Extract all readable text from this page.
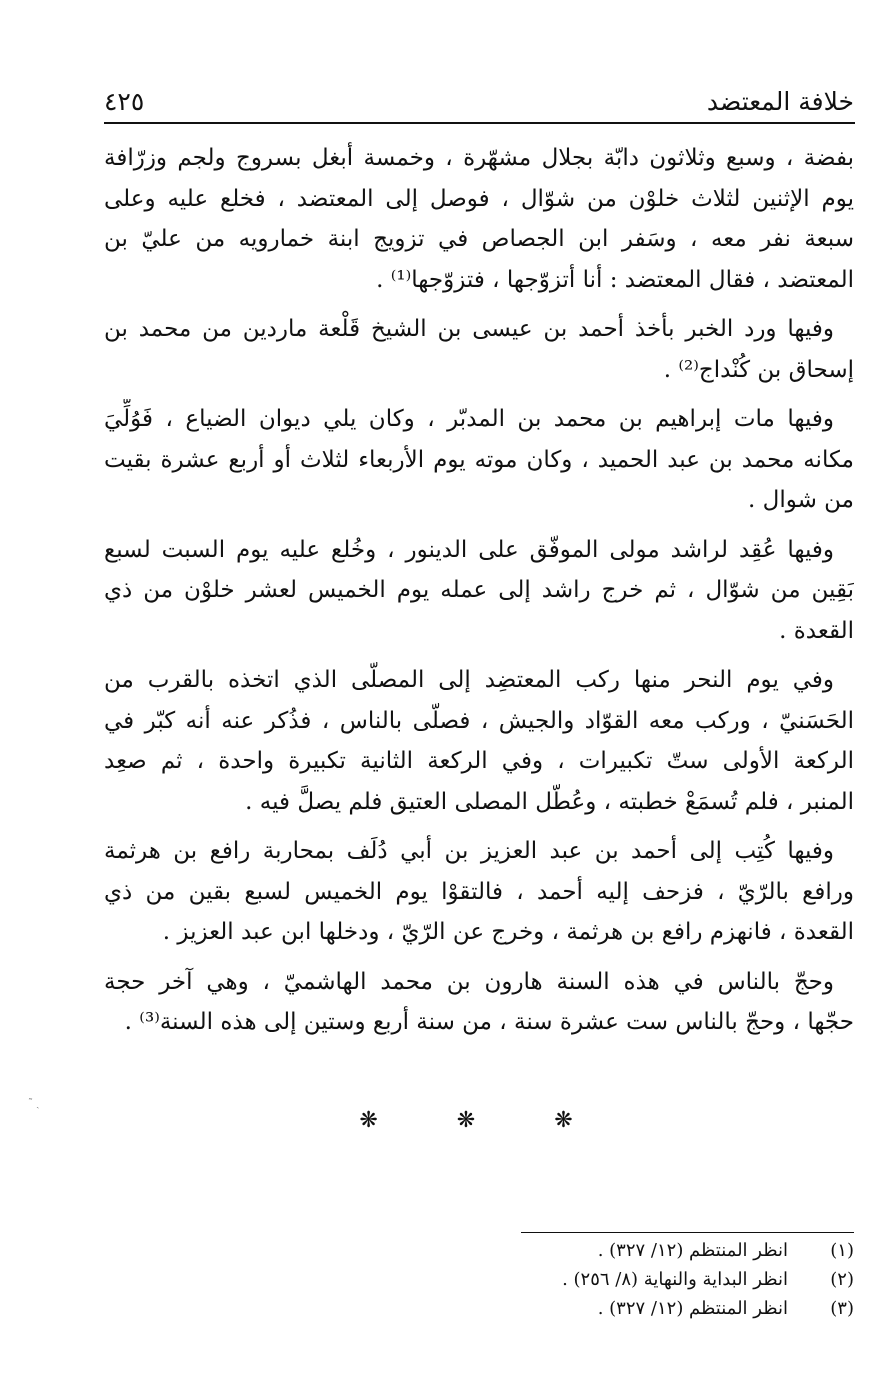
خلافة المعتضد
٤٢٥
بفضة ، وسبع وثلاثون دابّة بجلال مشهّرة ، وخمسة أبغل بسروج ولجم وزرّافة
يوم الإثنين لثلاث خلوْن من شوّال ، فوصل إلى المعتضد ، فخلع عليه وعلى
سبعة نفر معه ، وسَفر ابن الجصاص في تزويج ابنة خمارويه من عليّ بن
المعتضد ، فقال المعتضد : أنا أتزوّجها ، فتزوّجها⁽¹⁾ .
وفيها ورد الخبر بأخذ أحمد بن عيسى بن الشيخ قَلْعة ماردين من محمد بن
إسحاق بن كُنْداج⁽²⁾ .
وفيها مات إبراهيم بن محمد بن المدبّر ، وكان يلي ديوان الضياع ، فَوُلِّيَ
مكانه محمد بن عبد الحميد ، وكان موته يوم الأربعاء لثلاث أو أربع عشرة بقيت
من شوال .
وفيها عُقِد لراشد مولى الموفّق على الدينور ، وخُلع عليه يوم السبت لسبع
بَقِين من شوّال ، ثم خرج راشد إلى عمله يوم الخميس لعشر خلوْن من ذي
القعدة .
وفي يوم النحر منها ركب المعتضِد إلى المصلّى الذي اتخذه بالقرب من
الحَسَنيّ ، وركب معه القوّاد والجيش ، فصلّى بالناس ، فذُكر عنه أنه كبّر في
الركعة الأولى ستّ تكبيرات ، وفي الركعة الثانية تكبيرة واحدة ، ثم صعِد
المنبر ، فلم تُسمَعْ خطبته ، وعُطّل المصلى العتيق فلم يصلَّ فيه .
وفيها كُتِب إلى أحمد بن عبد العزيز بن أبي دُلَف بمحاربة رافع بن هرثمة
ورافع بالرّيّ ، فزحف إليه أحمد ، فالتقوْا يوم الخميس لسبع بقين من ذي
القعدة ، فانهزم رافع بن هرثمة ، وخرج عن الرّيّ ، ودخلها ابن عبد العزيز .
وحجّ بالناس في هذه السنة هارون بن محمد الهاشميّ ، وهي آخر حجة
حجّها ، وحجّ بالناس ست عشرة سنة ، من سنة أربع وستين إلى هذه السنة⁽³⁾ .
❋ ❋ ❋
(١)
انظر المنتظم (١٢/ ٣٢٧) .
(٢)
انظر البداية والنهاية (٨/ ٢٥٦) .
(٣)
انظر المنتظم (١٢/ ٣٢٧) .
˜ ˏ
